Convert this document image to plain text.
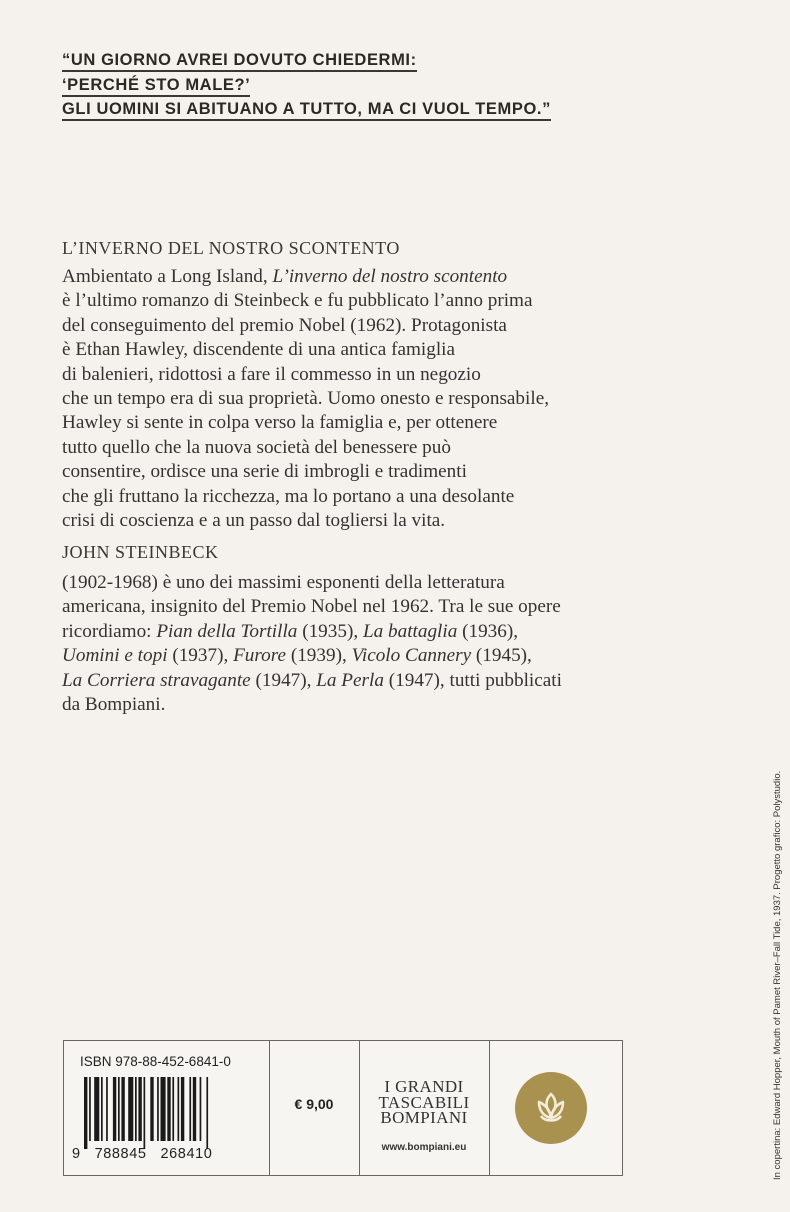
“UN GIORNO AVREI DOVUTO CHIEDERMI:
‘PERCHÉ STO MALE?’
GLI UOMINI SI ABITUANO A TUTTO, MA CI VUOL TEMPO.”
L’INVERNO DEL NOSTRO SCONTENTO
Ambientato a Long Island, L’inverno del nostro scontento
è l’ultimo romanzo di Steinbeck e fu pubblicato l’anno prima
del conseguimento del premio Nobel (1962). Protagonista
è Ethan Hawley, discendente di una antica famiglia
di balenieri, ridottosi a fare il commesso in un negozio
che un tempo era di sua proprietà. Uomo onesto e responsabile,
Hawley si sente in colpa verso la famiglia e, per ottenere
tutto quello che la nuova società del benessere può
consentire, ordisce una serie di imbrogli e tradimenti
che gli fruttano la ricchezza, ma lo portano a una desolante
crisi di coscienza e a un passo dal togliersi la vita.
JOHN STEINBECK
(1902-1968) è uno dei massimi esponenti della letteratura
americana, insignito del Premio Nobel nel 1962. Tra le sue opere
ricordiamo: Pian della Tortilla (1935), La battaglia (1936),
Uomini e topi (1937), Furore (1939), Vicolo Cannery (1945),
La Corriera stravagante (1947), La Perla (1947), tutti pubblicati
da Bompiani.
ISBN 978-88-452-6841-0
9 788845 268410
€ 9,00
I GRANDI
TASCABILI
BOMPIANI
www.bompiani.eu	In copertina: Edward Hopper, Mouth of Pamet River–Fall Tide, 1937. Progetto grafico: Polystudio.
